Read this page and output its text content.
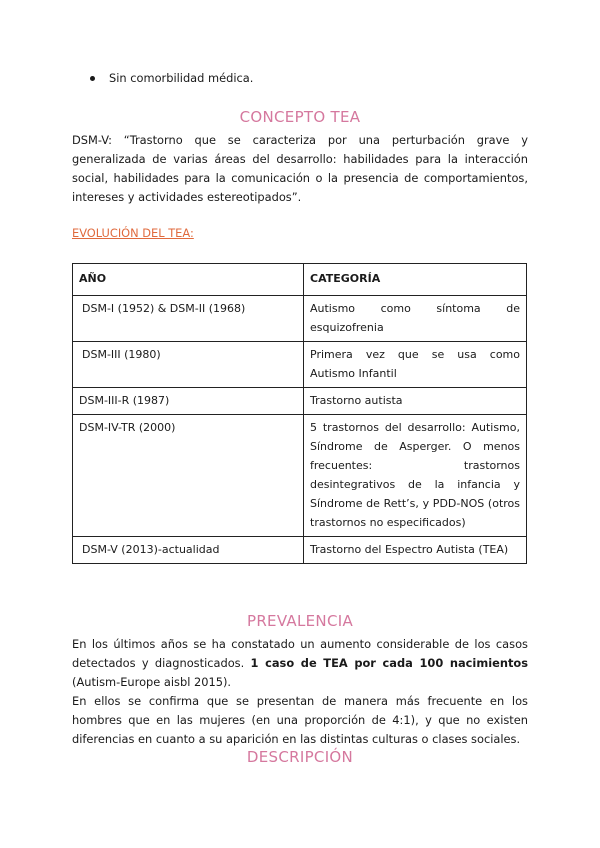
Sin comorbilidad médica.
CONCEPTO TEA

DSM-V: “Trastorno que se caracteriza por una perturbación grave y generalizada de varias áreas del desarrollo: habilidades para la interacción social, habilidades para la comunicación o la presencia de comportamientos, intereses y actividades estereotipados”.

EVOLUCIÓN DEL TEA:
AÑO	CATEGORÍA
DSM-I (1952) & DSM-II (1968)	Autismo como síntoma de esquizofrenia
DSM-III (1980)	Primera vez que se usa como Autismo Infantil
DSM-III-R (1987)	Trastorno autista
DSM-IV-TR (2000)	5 trastornos del desarrollo: Autismo, Síndrome de Asperger. O menos frecuentes: trastornos desintegrativos de la infancia y Síndrome de Rett’s, y PDD-NOS (otros trastornos no especificados)
DSM-V (2013)-actualidad	Trastorno del Espectro Autista (TEA)
PREVALENCIA

En los últimos años se ha constatado un aumento considerable de los casos detectados y diagnosticados. 1 caso de TEA por cada 100 nacimientos (Autism-Europe aisbl 2015).

En ellos se confirma que se presentan de manera más frecuente en los hombres que en las mujeres (en una proporción de 4:1), y que no existen diferencias en cuanto a su aparición en las distintas culturas o clases sociales.

DESCRIPCIÓN
